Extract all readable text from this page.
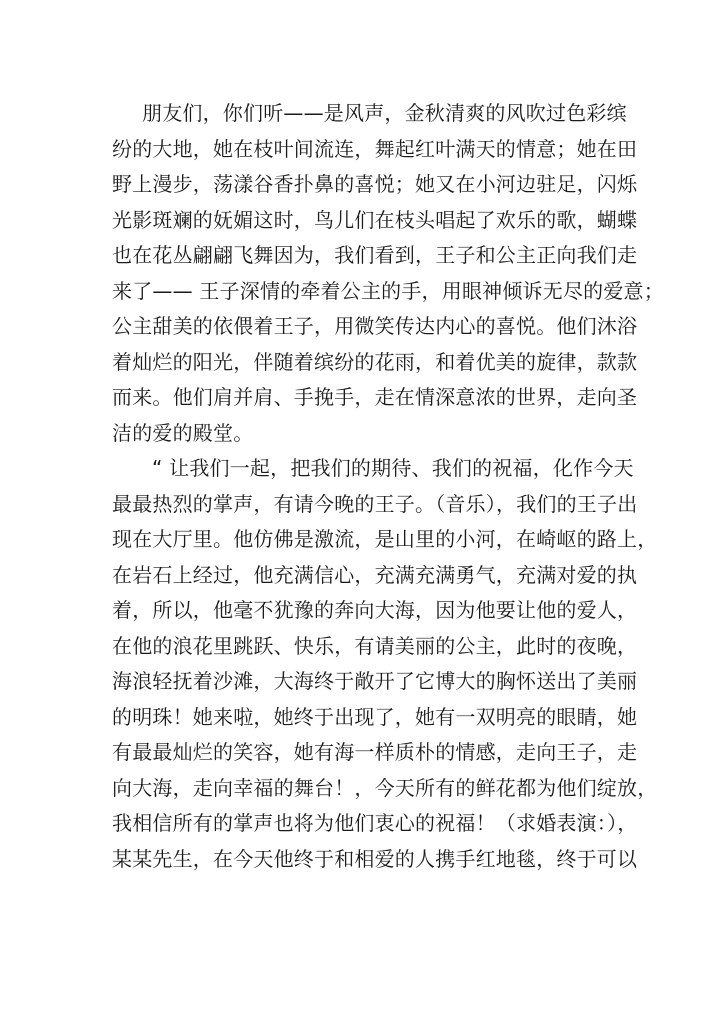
朋友们，你们听——是风声，金秋清爽的风吹过色彩缤
纷的大地，她在枝叶间流连，舞起红叶满天的情意；她在田
野上漫步，荡漾谷香扑鼻的喜悦；她又在小河边驻足，闪烁
光影斑斓的妩媚这时，鸟儿们在枝头唱起了欢乐的歌，蝴蝶
也在花丛翩翩飞舞因为，我们看到，王子和公主正向我们走
来了—— 王子深情的牵着公主的手，用眼神倾诉无尽的爱意；
公主甜美的依偎着王子，用微笑传达内心的喜悦。他们沐浴
着灿烂的阳光，伴随着缤纷的花雨，和着优美的旋律，款款
而来。他们肩并肩、手挽手，走在情深意浓的世界，走向圣
洁的爱的殿堂。
“ 让我们一起，把我们的期待、我们的祝福，化作今天
最最热烈的掌声，有请今晚的王子。（音乐），我们的王子出
现在大厅里。他仿佛是激流，是山里的小河，在崎岖的路上，
在岩石上经过，他充满信心，充满充满勇气，充满对爱的执
着，所以，他毫不犹豫的奔向大海，因为他要让他的爱人，
在他的浪花里跳跃、快乐，有请美丽的公主，此时的夜晚，
海浪轻抚着沙滩，大海终于敞开了它博大的胸怀送出了美丽
的明珠！她来啦，她终于出现了，她有一双明亮的眼睛，她
有最最灿烂的笑容，她有海一样质朴的情感，走向王子，走
向大海，走向幸福的舞台！，今天所有的鲜花都为他们绽放，
我相信所有的掌声也将为他们衷心的祝福！（求婚表演：），
某某先生，在今天他终于和相爱的人携手红地毯，终于可以
